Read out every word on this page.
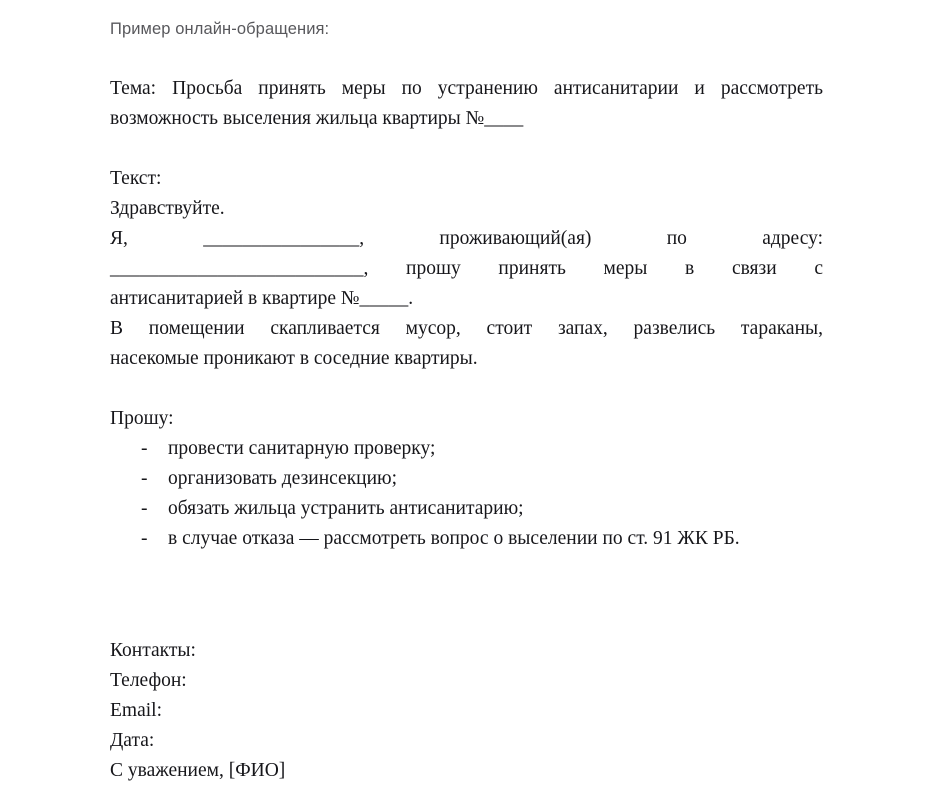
Пример онлайн-обращения:

Тема: Просьба принять меры по устранению антисанитарии и рассмотреть возможность выселения жильца квартиры №____

Текст:

Здравствуйте.

Я, ________________, проживающий(ая) по адресу:

__________________________, прошу принять меры в связи с

антисанитарией в квартире №_____.

В помещении скапливается мусор, стоит запах, развелись тараканы,

насекомые проникают в соседние квартиры.

Прошу:

-	провести санитарную проверку;
-	организовать дезинсекцию;
-	обязать жильца устранить антисанитарию;
-	в случае отказа — рассмотреть вопрос о выселении по ст. 91 ЖК РБ.

Контакты:

Телефон:

Email:

Дата:

С уважением, [ФИО]
